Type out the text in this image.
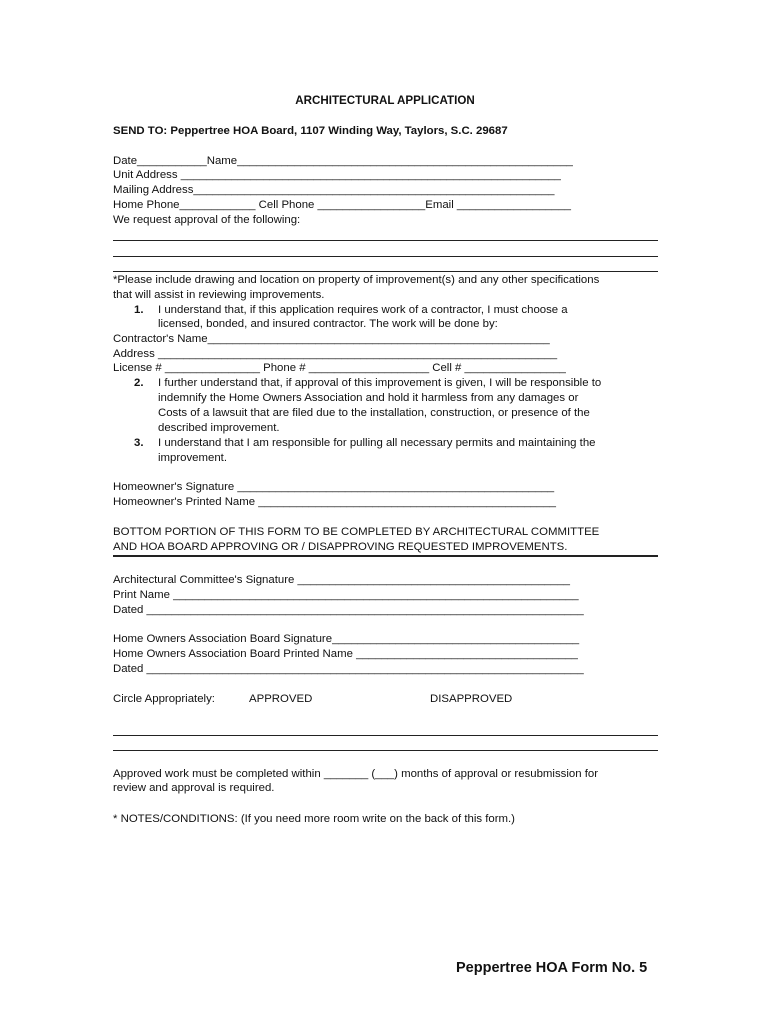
ARCHITECTURAL APPLICATION
SEND TO: Peppertree HOA Board, 1107 Winding Way, Taylors, S.C. 29687
Date___________Name_____________________________________________________
Unit Address ____________________________________________________________
Mailing Address_________________________________________________________
Home Phone____________ Cell Phone _________________Email __________________
We request approval of the following:
*Please include drawing and location on property of improvement(s) and any other specifications
that will assist in reviewing improvements.
1. I understand that, if this application requires work of a contractor, I must choose a
licensed, bonded, and insured contractor. The work will be done by:
Contractor's Name______________________________________________________
Address _______________________________________________________________
License # _______________ Phone # ___________________ Cell # ________________
2. I further understand that, if approval of this improvement is given, I will be responsible to
indemnify the Home Owners Association and hold it harmless from any damages or
Costs of a lawsuit that are filed due to the installation, construction, or presence of the
described improvement.
3. I understand that I am responsible for pulling all necessary permits and maintaining the
improvement.
Homeowner's Signature __________________________________________________
Homeowner's Printed Name _______________________________________________
BOTTOM PORTION OF THIS FORM TO BE COMPLETED BY ARCHITECTURAL COMMITTEE
AND HOA BOARD APPROVING OR / DISAPPROVING REQUESTED IMPROVEMENTS.
Architectural Committee's Signature ___________________________________________
Print Name ________________________________________________________________
Dated _____________________________________________________________________
Home Owners Association Board Signature_______________________________________
Home Owners Association Board Printed Name ___________________________________
Dated _____________________________________________________________________
Circle Appropriately:	APPROVED	DISAPPROVED
Approved work must be completed within _______ (___) months of approval or resubmission for
review and approval is required.
* NOTES/CONDITIONS: (If you need more room write on the back of this form.)
Peppertree HOA Form No. 5
